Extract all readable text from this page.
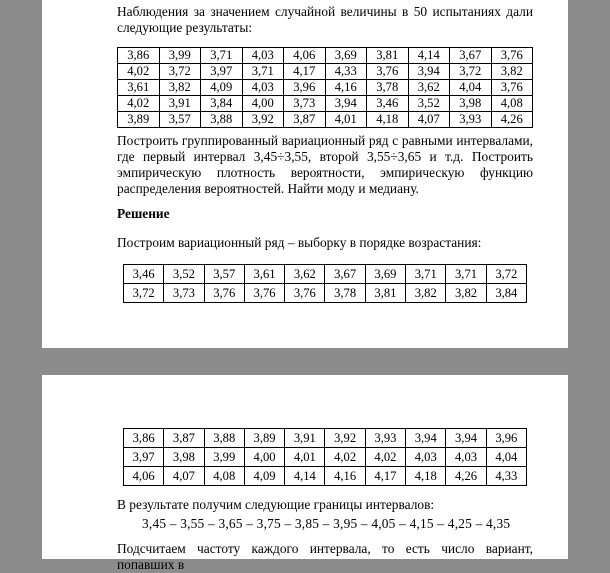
Наблюдения за значением случайной величины в 50 испытаниях дали следующие результаты:
3,86	3,99	3,71	4,03	4,06	3,69	3,81	4,14	3,67	3,76
4,02	3,72	3,97	3,71	4,17	4,33	3,76	3,94	3,72	3,82
3,61	3,82	4,09	4,03	3,96	4,16	3,78	3,62	4,04	3,76
4,02	3,91	3,84	4,00	3,73	3,94	3,46	3,52	3,98	4,08
3,89	3,57	3,88	3,92	3,87	4,01	4,18	4,07	3,93	4,26
Построить группированный вариационный ряд с равными интервалами, где первый интервал 3,45÷3,55, второй 3,55÷3,65 и т.д. Построить эмпирическую плотность вероятности, эмпирическую функцию распределения вероятностей. Найти моду и медиану.
Решение
Построим вариационный ряд – выборку в порядке возрастания:
3,46	3,52	3,57	3,61	3,62	3,67	3,69	3,71	3,71	3,72
3,72	3,73	3,76	3,76	3,76	3,78	3,81	3,82	3,82	3,84
3,86	3,87	3,88	3,89	3,91	3,92	3,93	3,94	3,94	3,96
3,97	3,98	3,99	4,00	4,01	4,02	4,02	4,03	4,03	4,04
4,06	4,07	4,08	4,09	4,14	4,16	4,17	4,18	4,26	4,33
В результате получим следующие границы интервалов:
3,45 – 3,55 – 3,65 – 3,75 – 3,85 – 3,95 – 4,05 – 4,15 – 4,25 – 4,35
Подсчитаем частоту каждого интервала, то есть число вариант, попавших в
